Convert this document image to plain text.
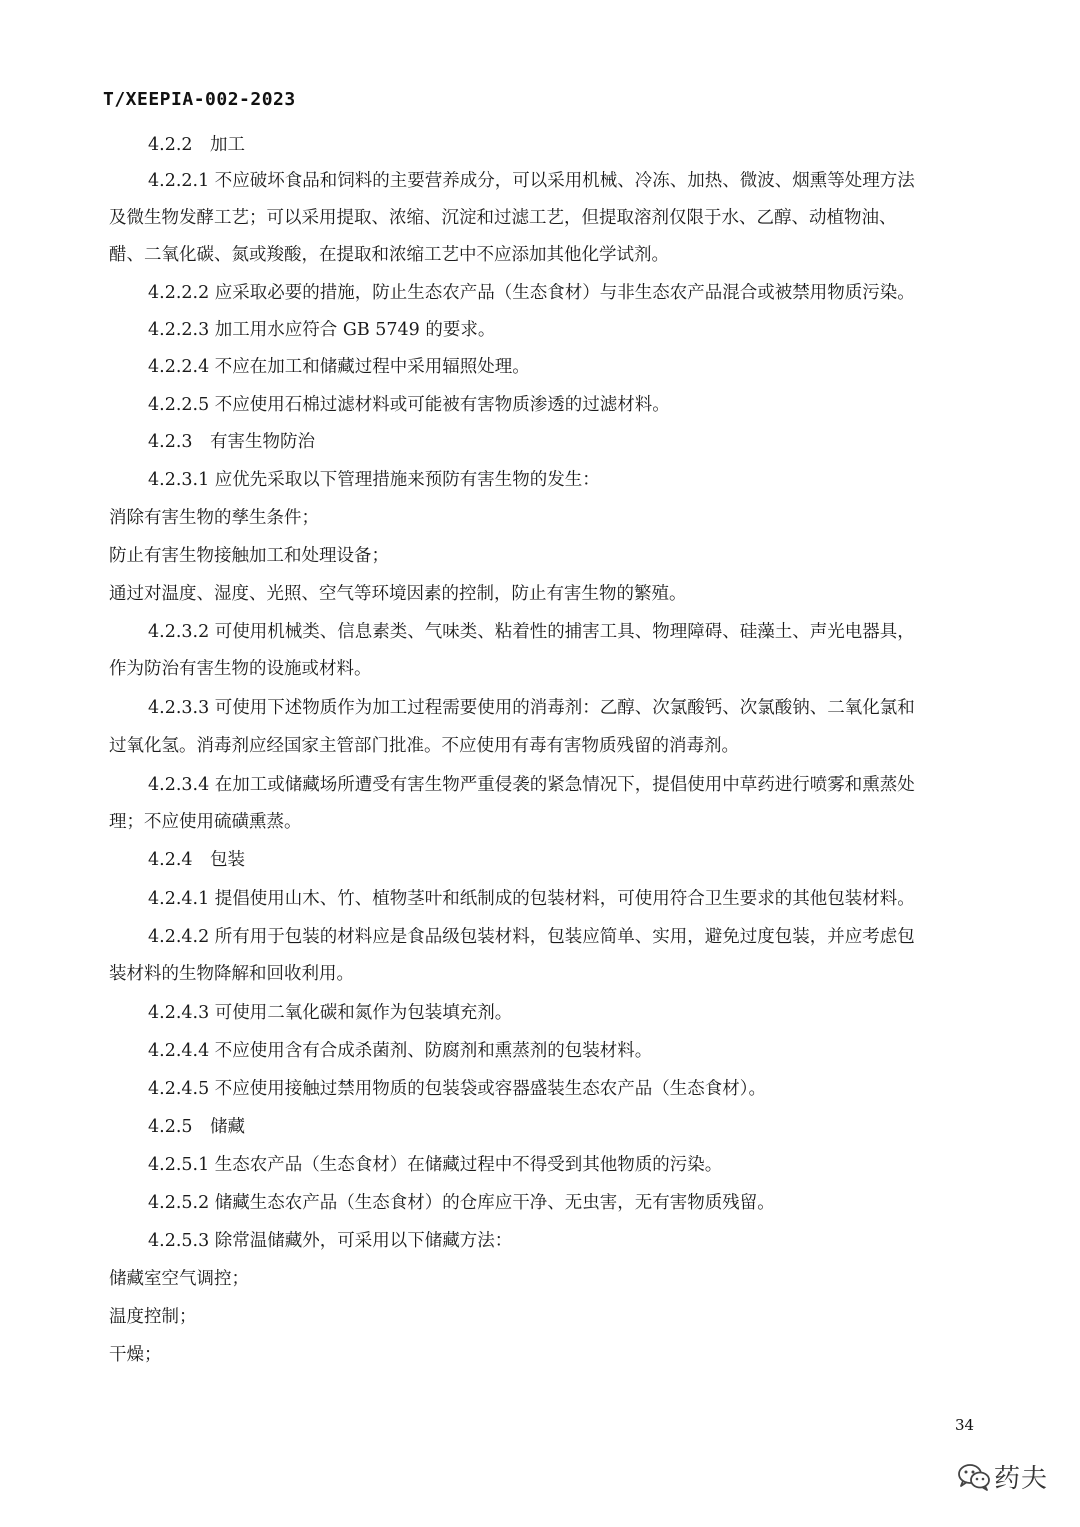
T/XEEPIA-002-2023
4.2.2　加工
4.2.2.1 不应破坏食品和饲料的主要营养成分，可以采用机械、冷冻、加热、微波、烟熏等处理方法
及微生物发酵工艺；可以采用提取、浓缩、沉淀和过滤工艺，但提取溶剂仅限于水、乙醇、动植物油、
醋、二氧化碳、氮或羧酸，在提取和浓缩工艺中不应添加其他化学试剂。
4.2.2.2 应采取必要的措施，防止生态农产品（生态食材）与非生态农产品混合或被禁用物质污染。
4.2.2.3 加工用水应符合 GB 5749 的要求。
4.2.2.4 不应在加工和储藏过程中采用辐照处理。
4.2.2.5 不应使用石棉过滤材料或可能被有害物质渗透的过滤材料。
4.2.3　有害生物防治
4.2.3.1 应优先采取以下管理措施来预防有害生物的发生：
消除有害生物的孳生条件；
防止有害生物接触加工和处理设备；
通过对温度、湿度、光照、空气等环境因素的控制，防止有害生物的繁殖。
4.2.3.2 可使用机械类、信息素类、气味类、粘着性的捕害工具、物理障碍、硅藻土、声光电器具，
作为防治有害生物的设施或材料。
4.2.3.3 可使用下述物质作为加工过程需要使用的消毒剂：乙醇、次氯酸钙、次氯酸钠、二氧化氯和
过氧化氢。消毒剂应经国家主管部门批准。不应使用有毒有害物质残留的消毒剂。
4.2.3.4 在加工或储藏场所遭受有害生物严重侵袭的紧急情况下，提倡使用中草药进行喷雾和熏蒸处
理；不应使用硫磺熏蒸。
4.2.4　包装
4.2.4.1 提倡使用山木、竹、植物茎叶和纸制成的包装材料，可使用符合卫生要求的其他包装材料。
4.2.4.2 所有用于包装的材料应是食品级包装材料，包装应简单、实用，避免过度包装，并应考虑包
装材料的生物降解和回收利用。
4.2.4.3 可使用二氧化碳和氮作为包装填充剂。
4.2.4.4 不应使用含有合成杀菌剂、防腐剂和熏蒸剂的包装材料。
4.2.4.5 不应使用接触过禁用物质的包装袋或容器盛装生态农产品（生态食材）。
4.2.5　储藏
4.2.5.1 生态农产品（生态食材）在储藏过程中不得受到其他物质的污染。
4.2.5.2 储藏生态农产品（生态食材）的仓库应干净、无虫害，无有害物质残留。
4.2.5.3 除常温储藏外，可采用以下储藏方法：
储藏室空气调控；
温度控制；
干燥；
34
药夫
